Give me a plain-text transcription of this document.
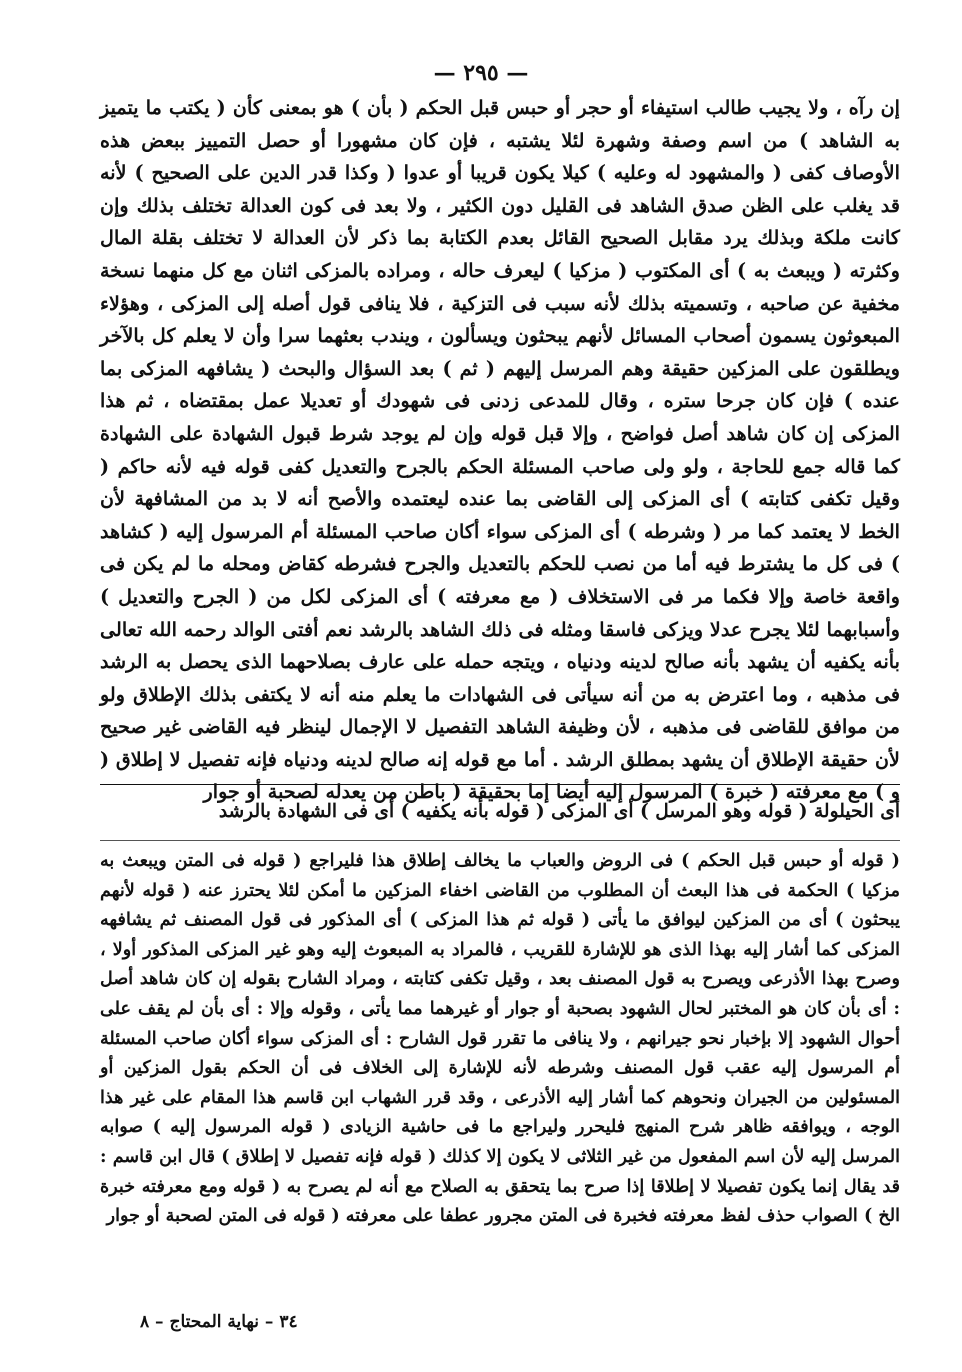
— ٢٩٥ —

إن رآه ، ولا يجيب طالب استيفاء أو حجر أو حبس قبل الحكم ( بأن ) هو بمعنى كأن ( يكتب ما يتميز به الشاهد ) من اسم وصفة وشهرة لئلا يشتبه ، فإن كان مشهورا أو حصل التمييز ببعض هذه الأوصاف كفى ( والمشهود له وعليه ) كيلا يكون قريبا أو عدوا ( وكذا قدر الدين على الصحيح ) لأنه قد يغلب على الظن صدق الشاهد فى القليل دون الكثير ، ولا بعد فى كون العدالة تختلف بذلك وإن كانت ملكة وبذلك يرد مقابل الصحيح القائل بعدم الكتابة بما ذكر لأن العدالة لا تختلف بقلة المال وكثرته ( ويبعث به ) أى المكتوب ( مزكيا ) ليعرف حاله ، ومراده بالمزكى اثنان مع كل منهما نسخة مخفية عن صاحبه ، وتسميته بذلك لأنه سبب فى التزكية ، فلا ينافى قول أصله إلى المزكى ، وهؤلاء المبعوثون يسمون أصحاب المسائل لأنهم يبحثون ويسألون ، ويندب بعثهما سرا وأن لا يعلم كل بالآخر ويطلقون على المزكين حقيقة وهم المرسل إليهم ( ثم ) بعد السؤال والبحث ( يشافهه المزكى بما عنده ) فإن كان جرحا ستره ، وقال للمدعى زدنى فى شهودك أو تعديلا عمل بمقتضاه ، ثم هذا المزكى إن كان شاهد أصل فواضح ، وإلا قبل قوله وإن لم يوجد شرط قبول الشهادة على الشهادة كما قاله جمع للحاجة ، ولو ولى صاحب المسئلة الحكم بالجرح والتعديل كفى قوله فيه لأنه حاكم ( وقيل تكفى كتابته ) أى المزكى إلى القاضى بما عنده ليعتمده والأصح أنه لا بد من المشافهة لأن الخط لا يعتمد كما مر ( وشرطه ) أى المزكى سواء أكان صاحب المسئلة أم المرسول إليه ( كشاهد ) فى كل ما يشترط فيه أما من نصب للحكم بالتعديل والجرح فشرطه كقاض ومحله ما لم يكن فى واقعة خاصة وإلا فكما مر فى الاستخلاف ( مع معرفته ) أى المزكى لكل من ( الجرح والتعديل ) وأسبابهما لئلا يجرح عدلا ويزكى فاسقا ومثله فى ذلك الشاهد بالرشد نعم أفتى الوالد رحمه الله تعالى بأنه يكفيه أن يشهد بأنه صالح لدينه ودنياه ، ويتجه حمله على عارف بصلاحهما الذى يحصل به الرشد فى مذهبه ، وما اعترض به من أنه سيأتى فى الشهادات ما يعلم منه أنه لا يكتفى بذلك الإطلاق ولو من موافق للقاضى فى مذهبه ، لأن وظيفة الشاهد التفصيل لا الإجمال لينظر فيه القاضى غير صحيح لأن حقيقة الإطلاق أن يشهد بمطلق الرشد . أما مع قوله إنه صالح لدينه ودنياه فإنه تفصيل لا إطلاق ( و ) مع معرفته ( خبرة ) المرسول إليه أيضا إما بحقيقة ( باطن من يعدله لصحبة أو جوار

أى الحيلولة ( قوله وهو المرسل ) أى المزكى ( قوله بأنه يكفيه ) أى فى الشهادة بالرشد

( قوله أو حبس قبل الحكم ) فى الروض والعباب ما يخالف إطلاق هذا فليراجع ( قوله فى المتن ويبعث به مزكيا ) الحكمة فى هذا البعث أن المطلوب من القاضى اخفاء المزكين ما أمكن لئلا يحترز عنه ( قوله لأنهم يبحثون ) أى من المزكين ليوافق ما يأتى ( قوله ثم هذا المزكى ) أى المذكور فى قول المصنف ثم يشافهه المزكى كما أشار إليه بهذا الذى هو للإشارة للقريب ، فالمراد به المبعوث إليه وهو غير المزكى المذكور أولا ، وصرح بهذا الأذرعى ويصرح به قول المصنف بعد ، وقيل تكفى كتابته ، ومراد الشارح بقوله إن كان شاهد أصل : أى بأن كان هو المختبر لحال الشهود بصحبة أو جوار أو غيرهما مما يأتى ، وقوله وإلا : أى بأن لم يقف على أحوال الشهود إلا بإخبار نحو جيرانهم ، ولا ينافى ما تقرر قول الشارح : أى المزكى سواء أكان صاحب المسئلة أم المرسول إليه عقب قول المصنف وشرطه لأنه للإشارة إلى الخلاف فى أن الحكم بقول المزكين أو المسئولين من الجيران ونحوهم كما أشار إليه الأذرعى ، وقد قرر الشهاب ابن قاسم هذا المقام على غير هذا الوجه ، ويوافقه ظاهر شرح المنهج فليحرر وليراجع ما فى حاشية الزيادى ( قوله المرسول إليه ) صوابه المرسل إليه لأن اسم المفعول من غير الثلاثى لا يكون إلا كذلك ( قوله فإنه تفصيل لا إطلاق ) قال ابن قاسم : قد يقال إنما يكون تفصيلا لا إطلاقا إذا صرح بما يتحقق به الصلاح مع أنه لم يصرح به ( قوله ومع معرفته خبرة الخ ) الصواب حذف لفظ معرفته فخبرة فى المتن مجرور عطفا على معرفته ( قوله فى المتن لصحبة أو جوار

٣٤ – نهاية المحتاج – ٨
